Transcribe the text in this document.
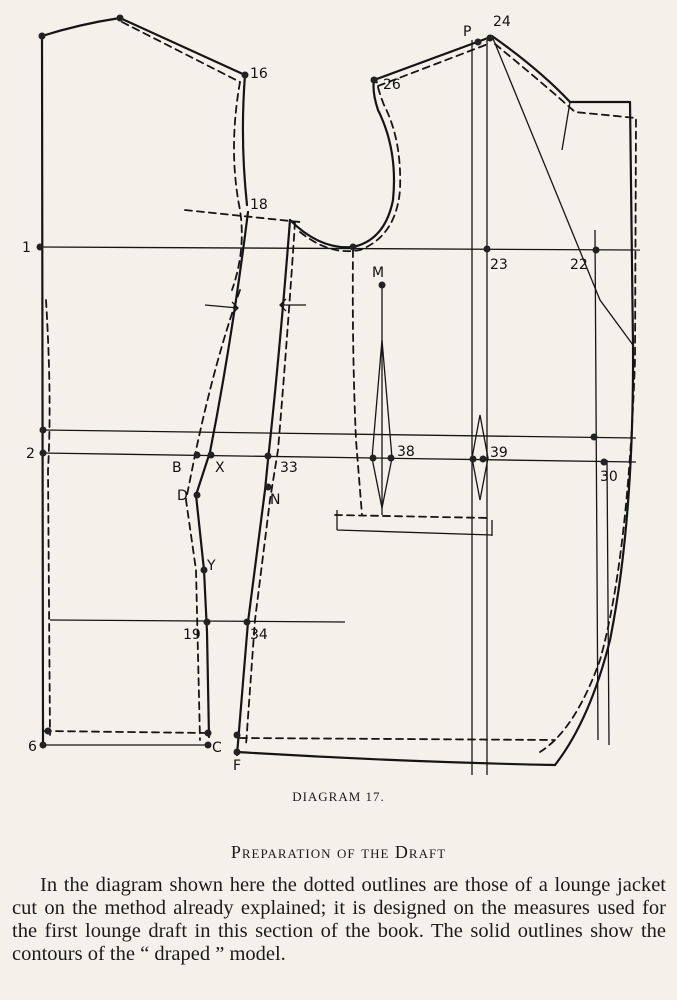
16
18
P
24
26
1
23	22
M
2
B X	33
38	39
30
D	N
Y
19	34
6	C
F
DIAGRAM 17.
Preparation of the Draft
In the diagram shown here the dotted outlines are those of a lounge jacket cut on the method already explained; it is designed on the measures used for the first lounge draft in this section of the book. The solid outlines show the contours of the “ draped ” model.
